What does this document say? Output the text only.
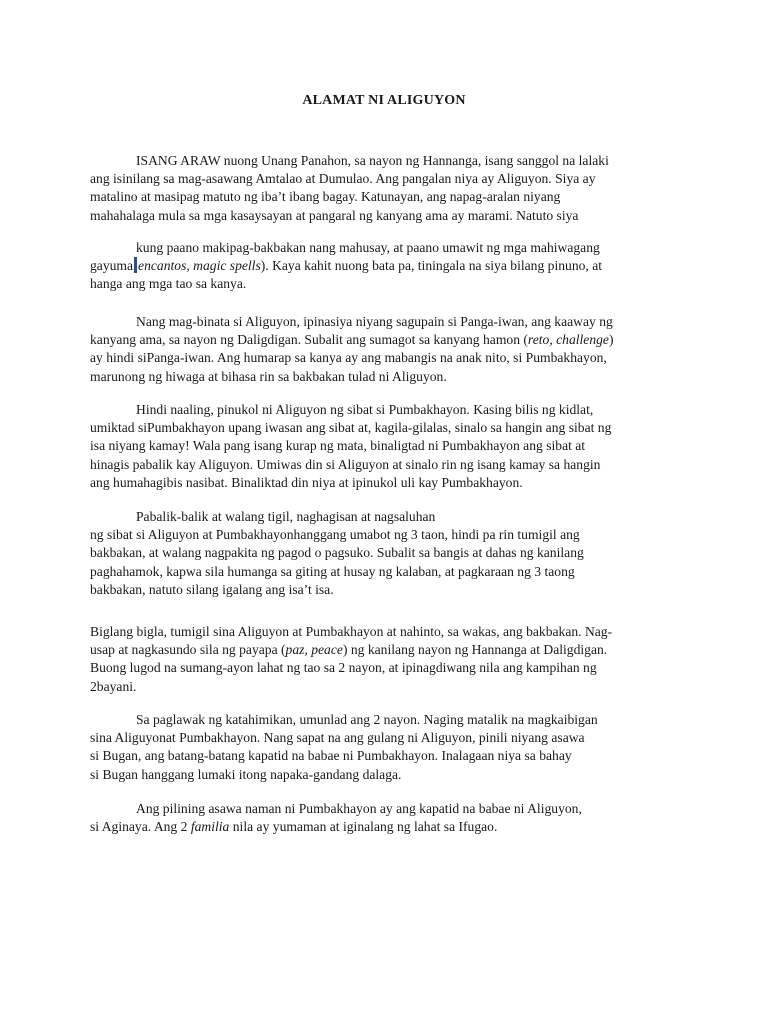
ALAMAT NI ALIGUYON
ISANG ARAW nuong Unang Panahon, sa nayon ng Hannanga, isang sanggol na lalaki
ang isinilang sa mag-asawang Amtalao at Dumulao. Ang pangalan niya ay Aliguyon. Siya ay
matalino at masipag matuto ng iba’t ibang bagay. Katunayan, ang napag-aralan niyang
mahahalaga mula sa mga kasaysayan at pangaral ng kanyang ama ay marami. Natuto siya
kung paano makipag-bakbakan nang mahusay, at paano umawit ng mga mahiwagang
gayuma encantos, magic spells). Kaya kahit nuong bata pa, tiningala na siya bilang pinuno, at
hanga ang mga tao sa kanya.
Nang mag-binata si Aliguyon, ipinasiya niyang sagupain si Panga-iwan, ang kaaway ng
kanyang ama, sa nayon ng Daligdigan. Subalit ang sumagot sa kanyang hamon (reto, challenge)
ay hindi siPanga-iwan. Ang humarap sa kanya ay ang mabangis na anak nito, si Pumbakhayon,
marunong ng hiwaga at bihasa rin sa bakbakan tulad ni Aliguyon.
Hindi naaling, pinukol ni Aliguyon ng sibat si Pumbakhayon. Kasing bilis ng kidlat,
umiktad siPumbakhayon upang iwasan ang sibat at, kagila-gilalas, sinalo sa hangin ang sibat ng
isa niyang kamay! Wala pang isang kurap ng mata, binaligtad ni Pumbakhayon ang sibat at
hinagis pabalik kay Aliguyon. Umiwas din si Aliguyon at sinalo rin ng isang kamay sa hangin
ang humahagibis nasibat. Binaliktad din niya at ipinukol uli kay Pumbakhayon.
Pabalik-balik at walang tigil, naghagisan at nagsaluhan
ng sibat si Aliguyon at Pumbakhayonhanggang umabot ng 3 taon, hindi pa rin tumigil ang
bakbakan, at walang nagpakita ng pagod o pagsuko. Subalit sa bangis at dahas ng kanilang
paghahamok, kapwa sila humanga sa giting at husay ng kalaban, at pagkaraan ng 3 taong
bakbakan, natuto silang igalang ang isa’t isa.
Biglang bigla, tumigil sina Aliguyon at Pumbakhayon at nahinto, sa wakas, ang bakbakan. Nag-
usap at nagkasundo sila ng payapa (paz, peace) ng kanilang nayon ng Hannanga at Daligdigan.
Buong lugod na sumang-ayon lahat ng tao sa 2 nayon, at ipinagdiwang nila ang kampihan ng
2bayani.
Sa paglawak ng katahimikan, umunlad ang 2 nayon. Naging matalik na magkaibigan
sina Aliguyonat Pumbakhayon. Nang sapat na ang gulang ni Aliguyon, pinili niyang asawa
si Bugan, ang batang-batang kapatid na babae ni Pumbakhayon. Inalagaan niya sa bahay
si Bugan hanggang lumaki itong napaka-gandang dalaga.
Ang pilining asawa naman ni Pumbakhayon ay ang kapatid na babae ni Aliguyon,
si Aginaya. Ang 2 familia nila ay yumaman at iginalang ng lahat sa Ifugao.
